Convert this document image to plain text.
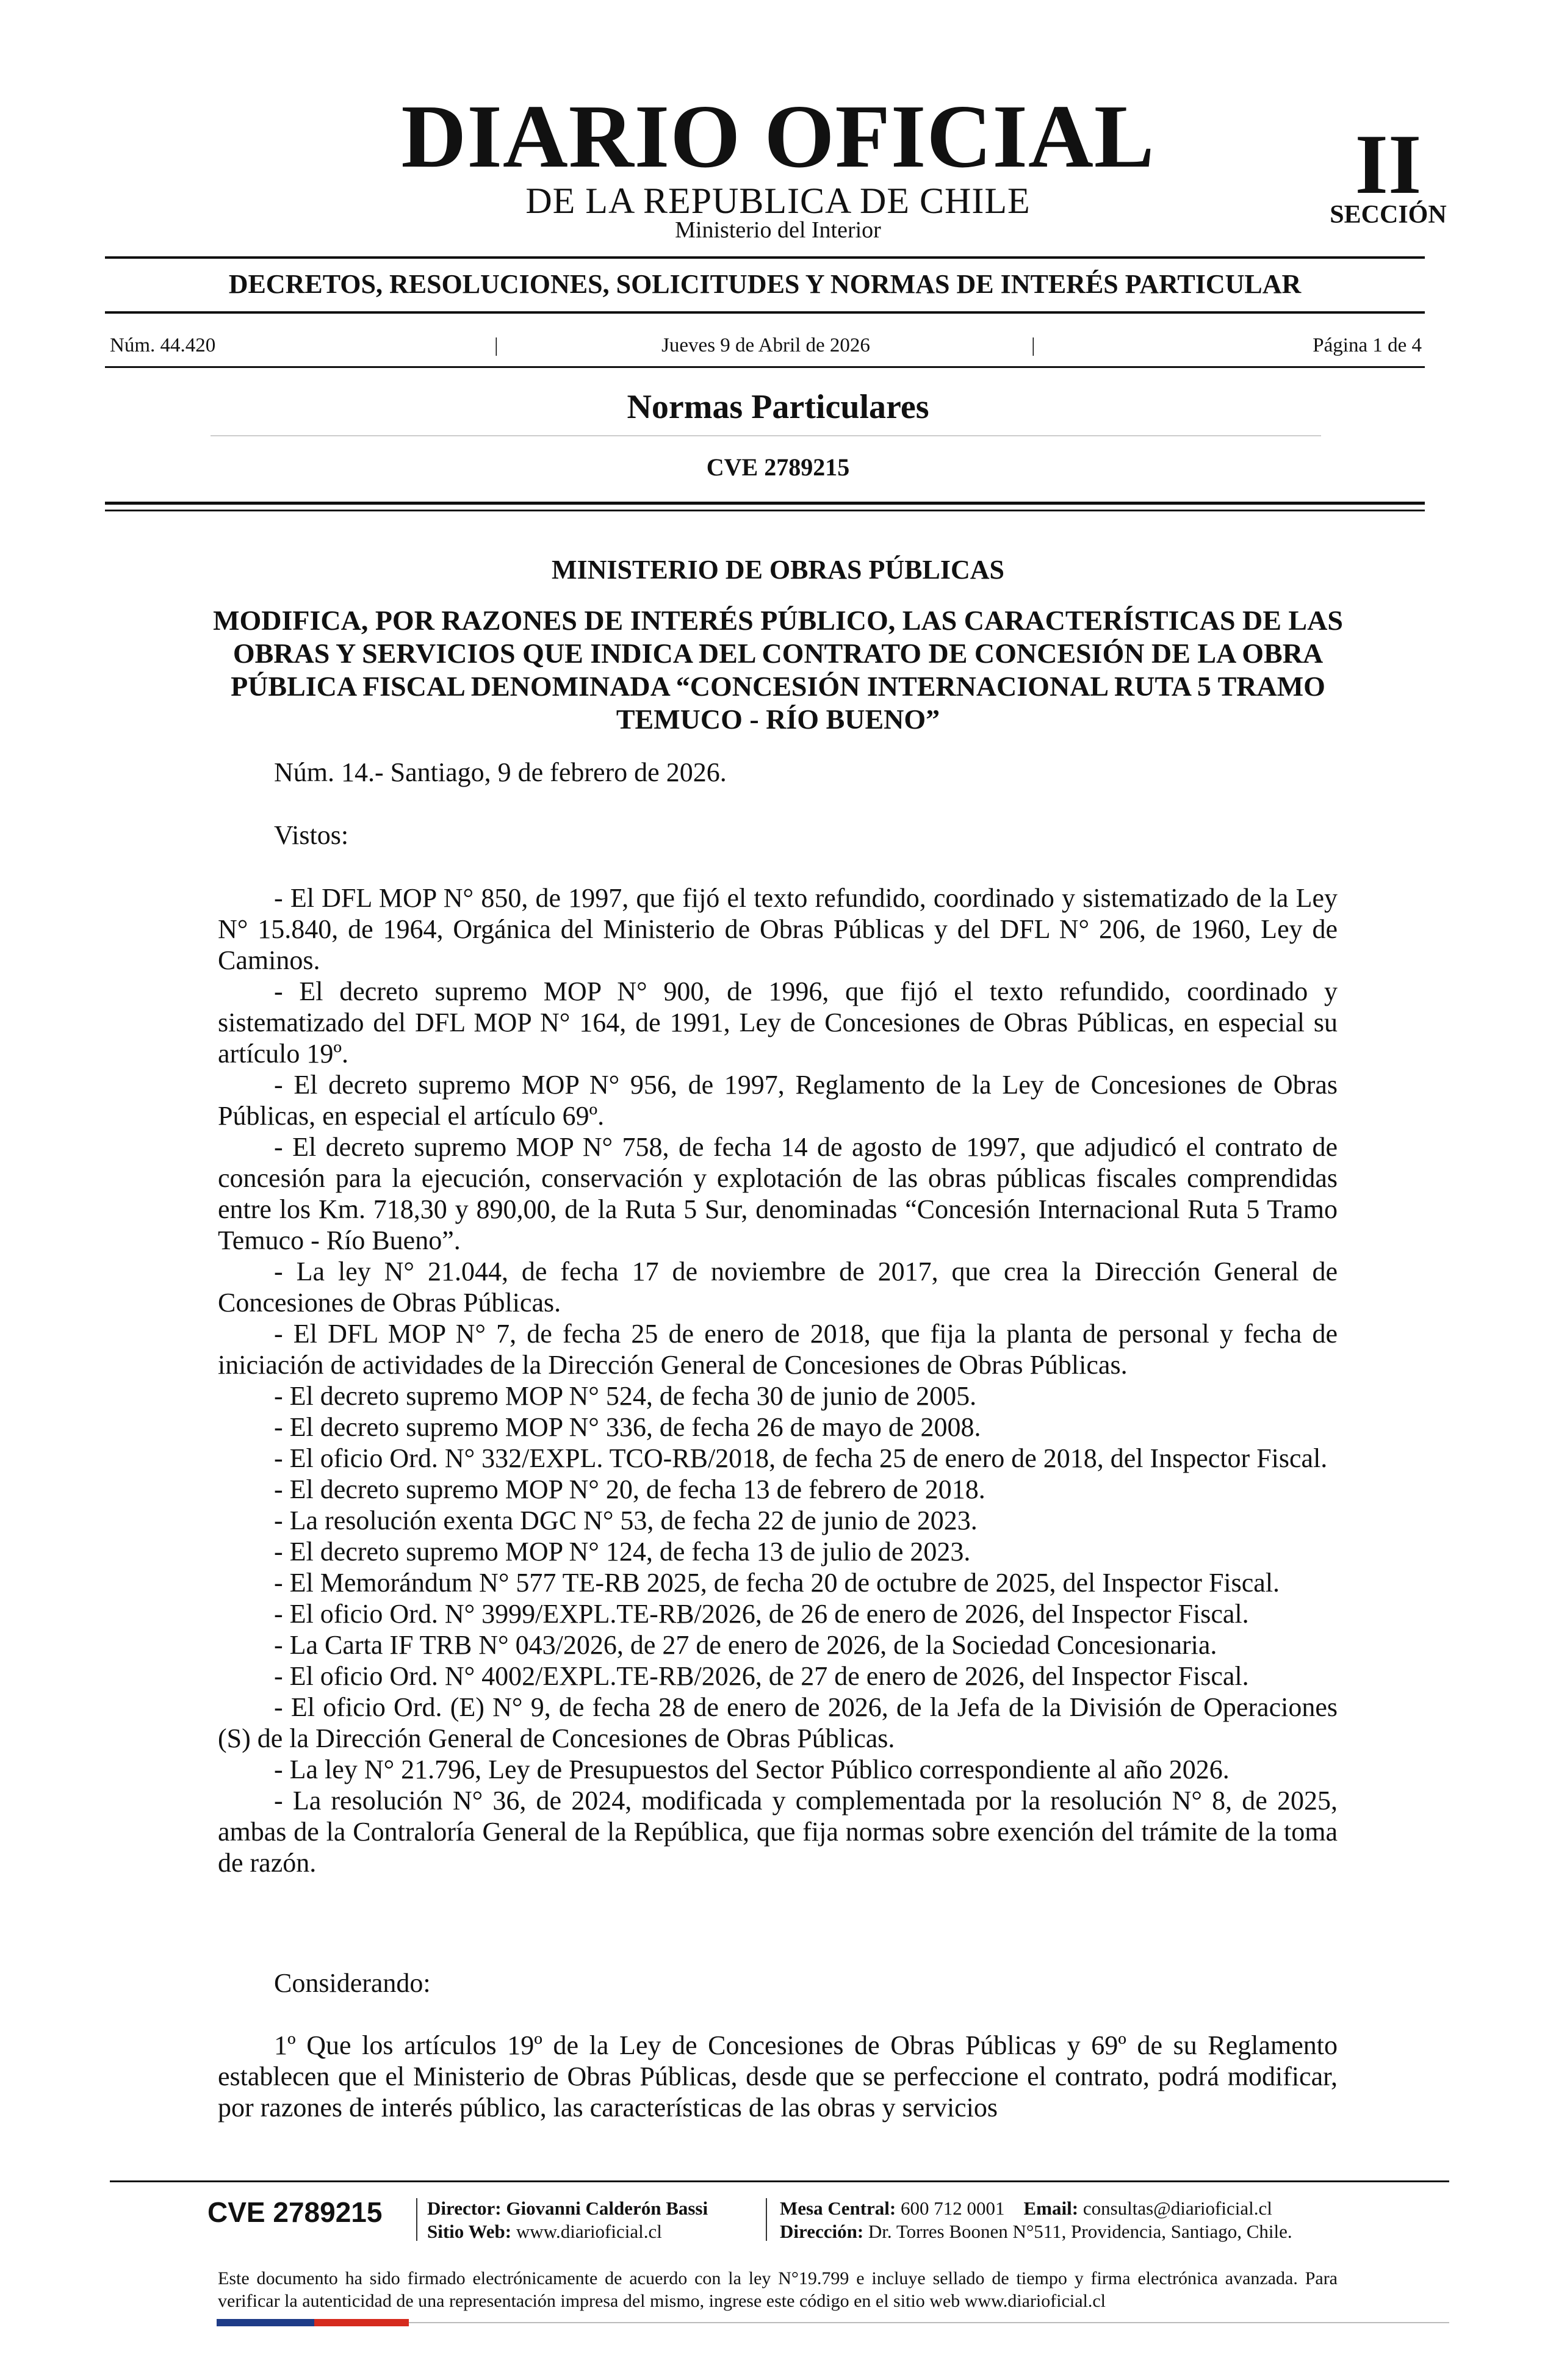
DIARIO OFICIAL
DE LA REPUBLICA DE CHILE
Ministerio del Interior
II
SECCIÓN
DECRETOS, RESOLUCIONES, SOLICITUDES Y NORMAS DE INTERÉS PARTICULAR
Núm. 44.420	|	Jueves 9 de Abril de 2026	|	Página 1 de 4
Normas Particulares
CVE 2789215
MINISTERIO DE OBRAS PÚBLICAS
MODIFICA, POR RAZONES DE INTERÉS PÚBLICO, LAS CARACTERÍSTICAS DE LAS OBRAS Y SERVICIOS QUE INDICA DEL CONTRATO DE CONCESIÓN DE LA OBRA PÚBLICA FISCAL DENOMINADA “CONCESIÓN INTERNACIONAL RUTA 5 TRAMO TEMUCO - RÍO BUENO”
Núm. 14.- Santiago, 9 de febrero de 2026.
Vistos:

- El DFL MOP N° 850, de 1997, que fijó el texto refundido, coordinado y sistematizado de la Ley N° 15.840, de 1964, Orgánica del Ministerio de Obras Públicas y del DFL N° 206, de 1960, Ley de Caminos.

- El decreto supremo MOP N° 900, de 1996, que fijó el texto refundido, coordinado y sistematizado del DFL MOP N° 164, de 1991, Ley de Concesiones de Obras Públicas, en especial su artículo 19º.

- El decreto supremo MOP N° 956, de 1997, Reglamento de la Ley de Concesiones de Obras Públicas, en especial el artículo 69º.

- El decreto supremo MOP N° 758, de fecha 14 de agosto de 1997, que adjudicó el contrato de concesión para la ejecución, conservación y explotación de las obras públicas fiscales comprendidas entre los Km. 718,30 y 890,00, de la Ruta 5 Sur, denominadas “Concesión Internacional Ruta 5 Tramo Temuco - Río Bueno”.

- La ley N° 21.044, de fecha 17 de noviembre de 2017, que crea la Dirección General de Concesiones de Obras Públicas.

- El DFL MOP N° 7, de fecha 25 de enero de 2018, que fija la planta de personal y fecha de iniciación de actividades de la Dirección General de Concesiones de Obras Públicas.

- El decreto supremo MOP N° 524, de fecha 30 de junio de 2005.

- El decreto supremo MOP N° 336, de fecha 26 de mayo de 2008.

- El oficio Ord. N° 332/EXPL. TCO-RB/2018, de fecha 25 de enero de 2018, del Inspector Fiscal.

- El decreto supremo MOP N° 20, de fecha 13 de febrero de 2018.

- La resolución exenta DGC N° 53, de fecha 22 de junio de 2023.

- El decreto supremo MOP N° 124, de fecha 13 de julio de 2023.

- El Memorándum N° 577 TE-RB 2025, de fecha 20 de octubre de 2025, del Inspector Fiscal.

- El oficio Ord. N° 3999/EXPL.TE-RB/2026, de 26 de enero de 2026, del Inspector Fiscal.

- La Carta IF TRB N° 043/2026, de 27 de enero de 2026, de la Sociedad Concesionaria.

- El oficio Ord. N° 4002/EXPL.TE-RB/2026, de 27 de enero de 2026, del Inspector Fiscal.

- El oficio Ord. (E) N° 9, de fecha 28 de enero de 2026, de la Jefa de la División de Operaciones (S) de la Dirección General de Concesiones de Obras Públicas.

- La ley N° 21.796, Ley de Presupuestos del Sector Público correspondiente al año 2026.

- La resolución N° 36, de 2024, modificada y complementada por la resolución N° 8, de 2025, ambas de la Contraloría General de la República, que fija normas sobre exención del trámite de la toma de razón.

Considerando:

1º Que los artículos 19º de la Ley de Concesiones de Obras Públicas y 69º de su Reglamento establecen que el Ministerio de Obras Públicas, desde que se perfeccione el contrato, podrá modificar, por razones de interés público, las características de las obras y servicios

CVE 2789215 Director: Giovanni Calderón Bassi
Sitio Web: www.diarioficial.cl
Mesa Central: 600 712 0001 Email: consultas@diarioficial.cl
Dirección: Dr. Torres Boonen N°511, Providencia, Santiago, Chile.
Este documento ha sido firmado electrónicamente de acuerdo con la ley N°19.799 e incluye sellado de tiempo y firma electrónica avanzada. Para verificar la autenticidad de una representación impresa del mismo, ingrese este código en el sitio web www.diarioficial.cl
